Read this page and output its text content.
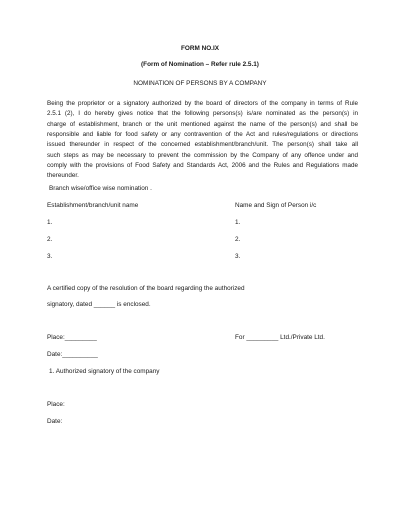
FORM NO.IX
(Form of Nomination – Refer rule 2.5.1)
NOMINATION OF PERSONS BY A COMPANY
Being the proprietor or a signatory authorized by the board of directors of the company in terms of Rule
2.5.1 (2), I do hereby gives notice that the following persons(s) is/are nominated as the person(s) in
charge of establishment, branch or the unit mentioned against the name of the person(s) and shall be
responsible and liable for food safety or any contravention of the Act and rules/regulations or directions
issued thereunder in respect of the concerned establishment/branch/unit. The person(s) shall take all
such steps as may be necessary to prevent the commission by the Company of any offence under and
comply with the provisions of Food Safety and Standards Act, 2006 and the Rules and Regulations made
thereunder.
Branch wise/office wise nomination .
Establishment/branch/unit name	Name and Sign of Person i/c
1.
2.
3.
1.
2.
3.
A certified copy of the resolution of the board regarding the authorized
signatory, dated ______ is enclosed.
Place:_________	For _________ Ltd./Private Ltd.
Date:__________
1. Authorized signatory of the company
Place:
Date:
